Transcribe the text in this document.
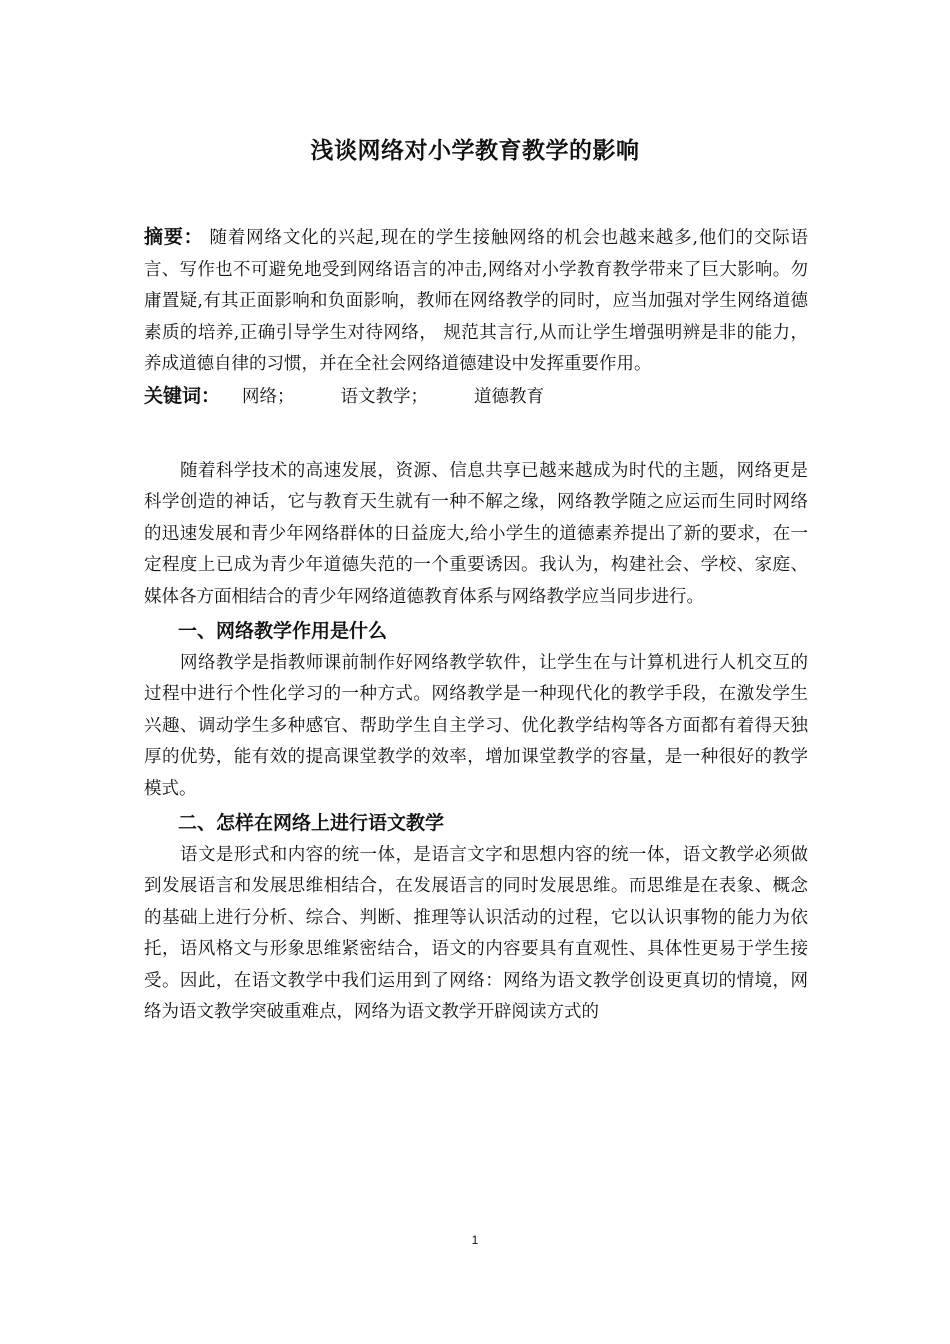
浅谈网络对小学教育教学的影响

摘要： 随着网络文化的兴起,现在的学生接触网络的机会也越来越多,他们的交际语言、写作也不可避免地受到网络语言的冲击,网络对小学教育教学带来了巨大影响。勿庸置疑,有其正面影响和负面影响，教师在网络教学的同时，应当加强对学生网络道德素质的培养,正确引导学生对待网络， 规范其言行,从而让学生增强明辨是非的能力，养成道德自律的习惯，并在全社会网络道德建设中发挥重要作用。

关键词： 网络；	语文教学；	道德教育

随着科学技术的高速发展，资源、信息共享已越来越成为时代的主题，网络更是科学创造的神话，它与教育天生就有一种不解之缘，网络教学随之应运而生同时网络的迅速发展和青少年网络群体的日益庞大,给小学生的道德素养提出了新的要求，在一定程度上已成为青少年道德失范的一个重要诱因。我认为，构建社会、学校、家庭、媒体各方面相结合的青少年网络道德教育体系与网络教学应当同步进行。

一、网络教学作用是什么

网络教学是指教师课前制作好网络教学软件，让学生在与计算机进行人机交互的过程中进行个性化学习的一种方式。网络教学是一种现代化的教学手段，在激发学生兴趣、调动学生多种感官、帮助学生自主学习、优化教学结构等各方面都有着得天独厚的优势，能有效的提高课堂教学的效率，增加课堂教学的容量，是一种很好的教学模式。

二、怎样在网络上进行语文教学

语文是形式和内容的统一体，是语言文字和思想内容的统一体，语文教学必须做到发展语言和发展思维相结合，在发展语言的同时发展思维。而思维是在表象、概念的基础上进行分析、综合、判断、推理等认识活动的过程，它以认识事物的能力为依托，语风格文与形象思维紧密结合，语文的内容要具有直观性、具体性更易于学生接受。因此，在语文教学中我们运用到了网络：网络为语文教学创设更真切的情境，网络为语文教学突破重难点，网络为语文教学开辟阅读方式的

1
